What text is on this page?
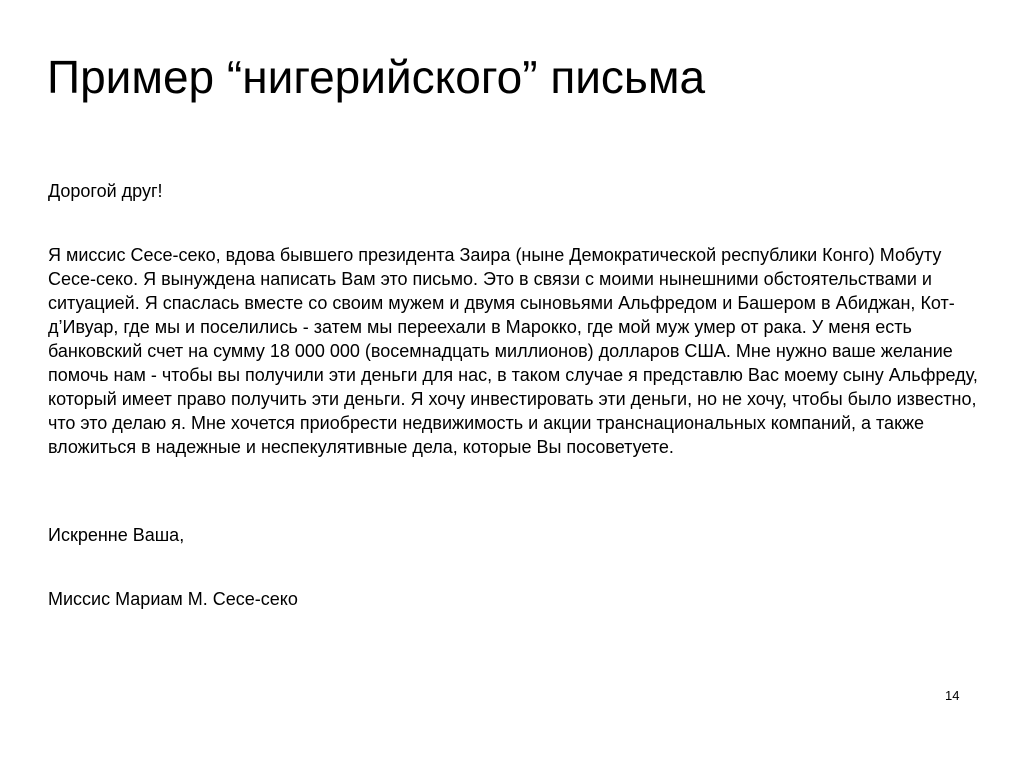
Пример “нигерийского” письма

Дорогой друг!

Я миссис Сесе-секо, вдова бывшего президента Заира (ныне Демократической республики Конго) Мобуту Сесе-секо. Я вынуждена написать Вам это письмо. Это в связи с моими нынешними обстоятельствами и ситуацией. Я спаслась вместе со своим мужем и двумя сыновьями Альфредом и Башером в Абиджан, Кот-д’Ивуар, где мы и поселились - затем мы переехали в Марокко, где мой муж умер от рака. У меня есть банковский счет на сумму 18 000 000 (восемнадцать миллионов) долларов США. Мне нужно ваше желание помочь нам - чтобы вы получили эти деньги для нас, в таком случае я представлю Вас моему сыну Альфреду, который имеет право получить эти деньги. Я хочу инвестировать эти деньги, но не хочу, чтобы было известно, что это делаю я. Мне хочется приобрести недвижимость и акции транснациональных компаний, а также вложиться в надежные и неспекулятивные дела, которые Вы посоветуете.

Искренне Ваша,

Миссис Мариам М. Сесе-секо

14
